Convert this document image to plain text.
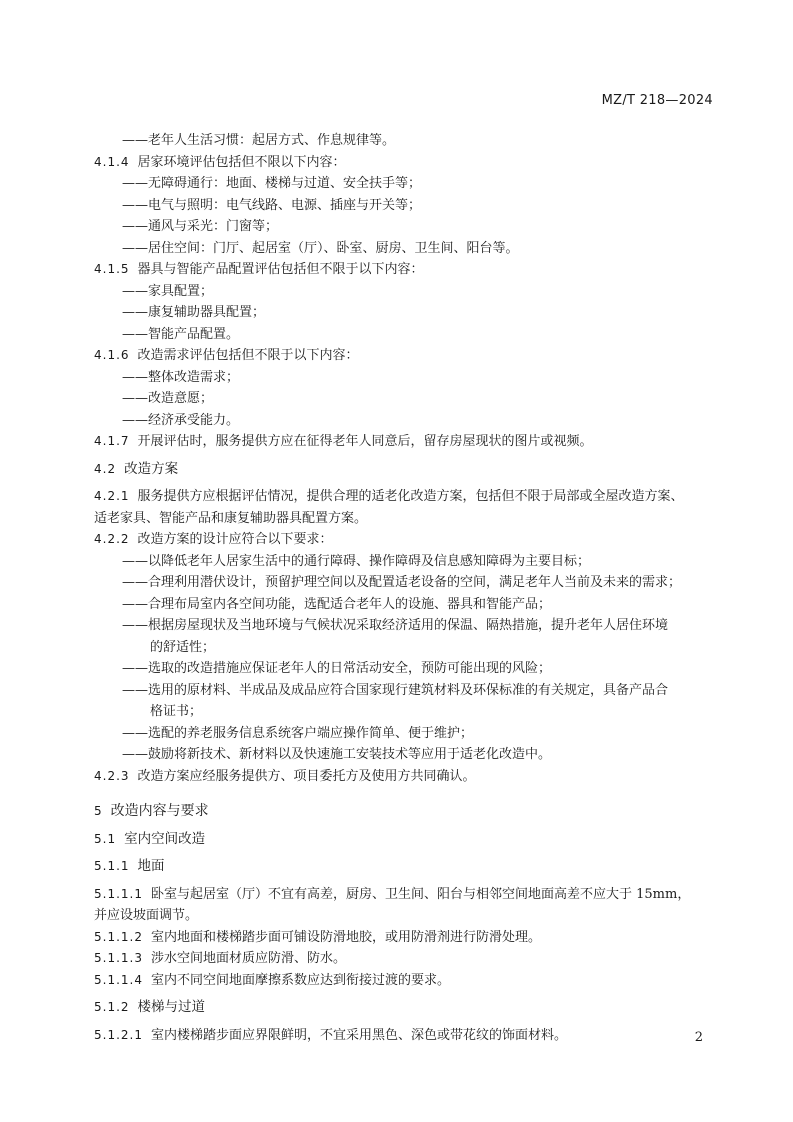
MZ/T 218—2024
——老年人生活习惯：起居方式、作息规律等。
4.1.4 居家环境评估包括但不限以下内容：
——无障碍通行：地面、楼梯与过道、安全扶手等；
——电气与照明：电气线路、电源、插座与开关等；
——通风与采光：门窗等；
——居住空间：门厅、起居室（厅）、卧室、厨房、卫生间、阳台等。
4.1.5 器具与智能产品配置评估包括但不限于以下内容：
——家具配置；
——康复辅助器具配置；
——智能产品配置。
4.1.6 改造需求评估包括但不限于以下内容：
——整体改造需求；
——改造意愿；
——经济承受能力。
4.1.7 开展评估时，服务提供方应在征得老年人同意后，留存房屋现状的图片或视频。
4.2 改造方案
4.2.1 服务提供方应根据评估情况，提供合理的适老化改造方案，包括但不限于局部或全屋改造方案、
适老家具、智能产品和康复辅助器具配置方案。
4.2.2 改造方案的设计应符合以下要求：
——以降低老年人居家生活中的通行障碍、操作障碍及信息感知障碍为主要目标；
——合理利用潜伏设计，预留护理空间以及配置适老设备的空间，满足老年人当前及未来的需求；
——合理布局室内各空间功能，选配适合老年人的设施、器具和智能产品；
——根据房屋现状及当地环境与气候状况采取经济适用的保温、隔热措施，提升老年人居住环境
的舒适性；
——选取的改造措施应保证老年人的日常活动安全，预防可能出现的风险；
——选用的原材料、半成品及成品应符合国家现行建筑材料及环保标准的有关规定，具备产品合
格证书；
——选配的养老服务信息系统客户端应操作简单、便于维护；
——鼓励将新技术、新材料以及快速施工安装技术等应用于适老化改造中。
4.2.3 改造方案应经服务提供方、项目委托方及使用方共同确认。
5 改造内容与要求
5.1 室内空间改造
5.1.1 地面
5.1.1.1 卧室与起居室（厅）不宜有高差，厨房、卫生间、阳台与相邻空间地面高差不应大于 15mm，
并应设坡面调节。
5.1.1.2 室内地面和楼梯踏步面可铺设防滑地胶，或用防滑剂进行防滑处理。
5.1.1.3 涉水空间地面材质应防滑、防水。
5.1.1.4 室内不同空间地面摩擦系数应达到衔接过渡的要求。
5.1.2 楼梯与过道
5.1.2.1 室内楼梯踏步面应界限鲜明，不宜采用黑色、深色或带花纹的饰面材料。	2
